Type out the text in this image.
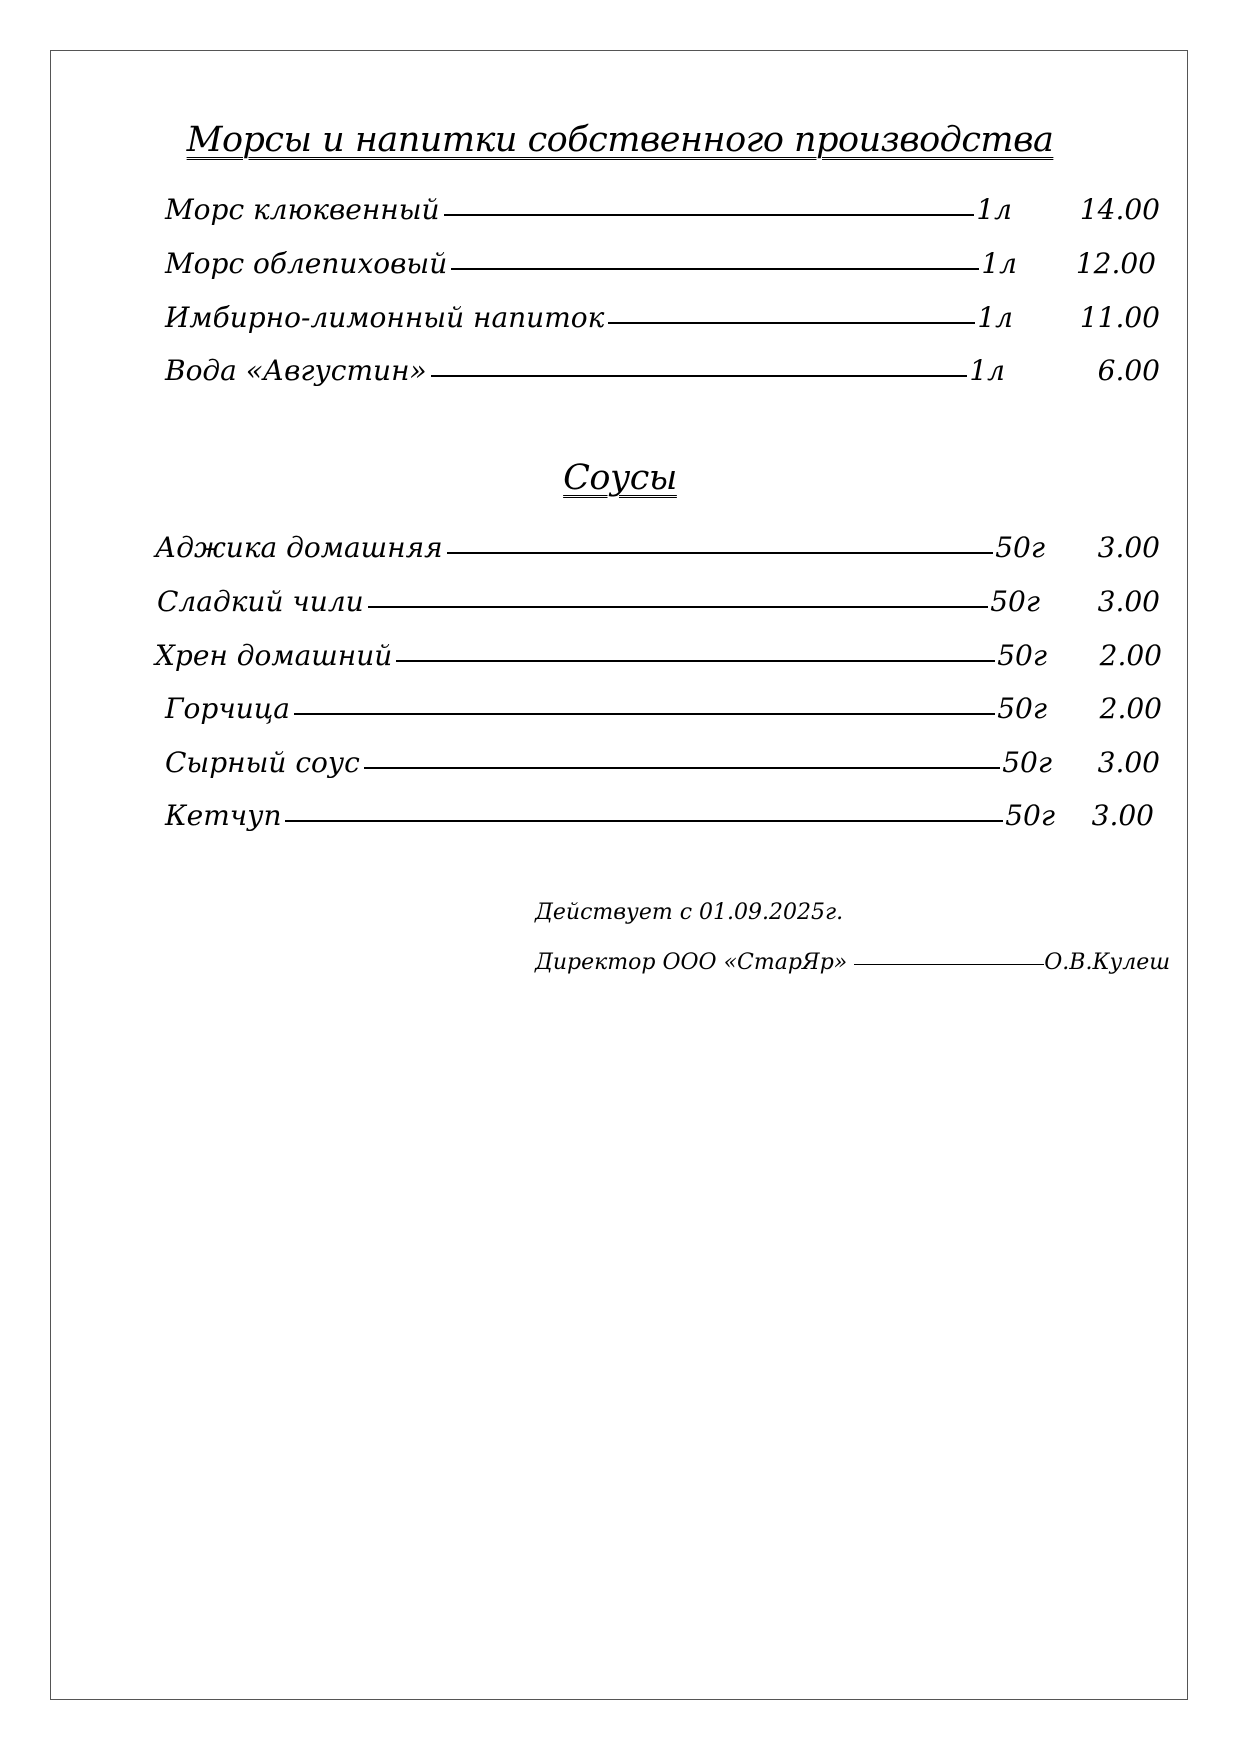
Морсы и напитки собственного производства
Морс клюквенный	1л	14.00
Морс облепиховый	1л	12.00
Имбирно-лимонный напиток	1л	11.00
Вода «Августин»	1л	6.00
Соусы
Аджика домашняя	50г	3.00
Сладкий чили	50г	3.00
Хрен домашний	50г	2.00
Горчица	50г	2.00
Сырный соус	50г	3.00
Кетчуп	50г	3.00
Действует с 01.09.2025г.
Директор ООО «СтарЯр»	О.В.Кулеш
